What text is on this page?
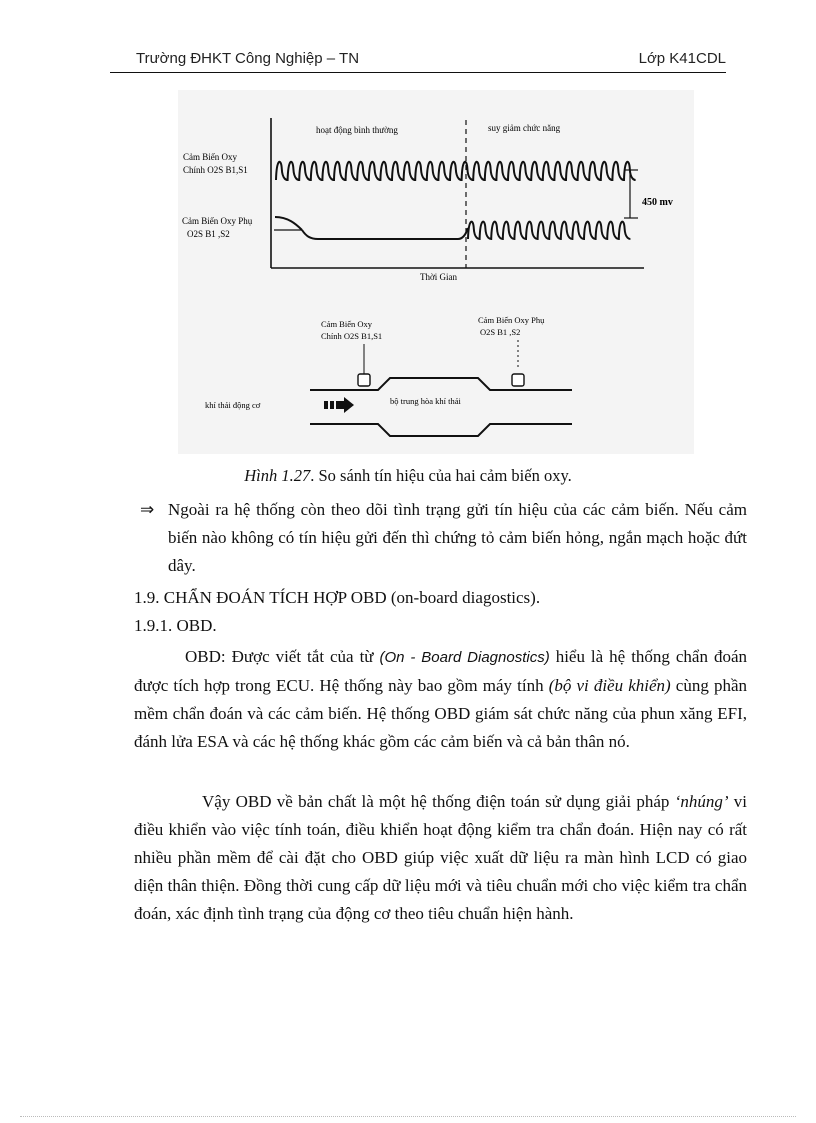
Trường ĐHKT Công Nghiệp – TN	Lớp K41CDL
hoạt động bình thường	suy giảm chức năng
Cảm Biến Oxy
Chính O2S B1,S1
Cảm Biến Oxy Phụ
O2S B1 ,S2
450 mv
Thời Gian
Cảm Biến Oxy
Chính O2S B1,S1
Cảm Biến Oxy Phụ
O2S B1 ,S2
khí thải động cơ	bộ trung hòa khí thải
Hình 1.27. So sánh tín hiệu của hai cảm biến oxy.
⇒ Ngoài ra hệ thống còn theo dõi tình trạng gửi tín hiệu của các cảm biến. Nếu cảm biến nào không có tín hiệu gửi đến thì chứng tỏ cảm biến hỏng, ngắn mạch hoặc đứt dây.
1.9. CHẨN ĐOÁN TÍCH HỢP OBD (on-board diagostics).
1.9.1. OBD.
OBD: Được viết tắt của từ (On - Board Diagnostics) hiểu là hệ thống chẩn đoán được tích hợp trong ECU. Hệ thống này bao gồm máy tính (bộ vi điều khiển) cùng phần mềm chẩn đoán và các cảm biến. Hệ thống OBD giám sát chức năng của phun xăng EFI, đánh lửa ESA và các hệ thống khác gồm các cảm biến và cả bản thân nó.
Vậy OBD về bản chất là một hệ thống điện toán sử dụng giải pháp ‘nhúng’ vi điều khiển vào việc tính toán, điều khiển hoạt động kiểm tra chẩn đoán. Hiện nay có rất nhiều phần mềm để cài đặt cho OBD giúp việc xuất dữ liệu ra màn hình LCD có giao diện thân thiện. Đồng thời cung cấp dữ liệu mới và tiêu chuẩn mới cho việc kiểm tra chẩn đoán, xác định tình trạng của động cơ theo tiêu chuẩn hiện hành.
